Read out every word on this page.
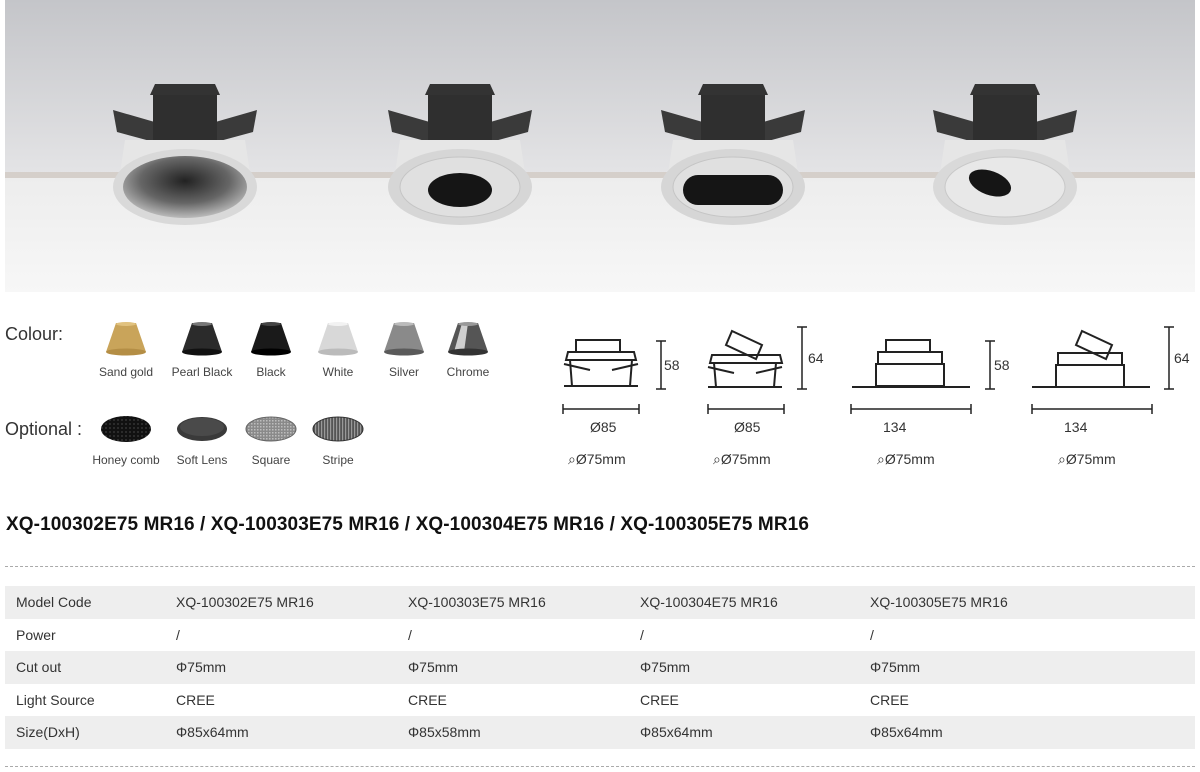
Colour:
Sand gold	Pearl Black	Black	White	Silver	Chrome
Optional :
Honey comb	Soft Lens	Square	Stripe
58
Ø85
⌕Ø75mm
64
Ø85
⌕Ø75mm
58
134
⌕Ø75mm
64
134
⌕Ø75mm
XQ-100302E75 MR16 / XQ-100303E75 MR16 / XQ-100304E75 MR16 / XQ-100305E75 MR16
Model Code	XQ-100302E75 MR16	XQ-100303E75 MR16	XQ-100304E75 MR16	XQ-100305E75 MR16
Power	/	/	/	/
Cut out	Φ75mm	Φ75mm	Φ75mm	Φ75mm
Light Source	CREE	CREE	CREE	CREE
Size(DxH)	Φ85x64mm	Φ85x58mm	Φ85x64mm	Φ85x64mm
